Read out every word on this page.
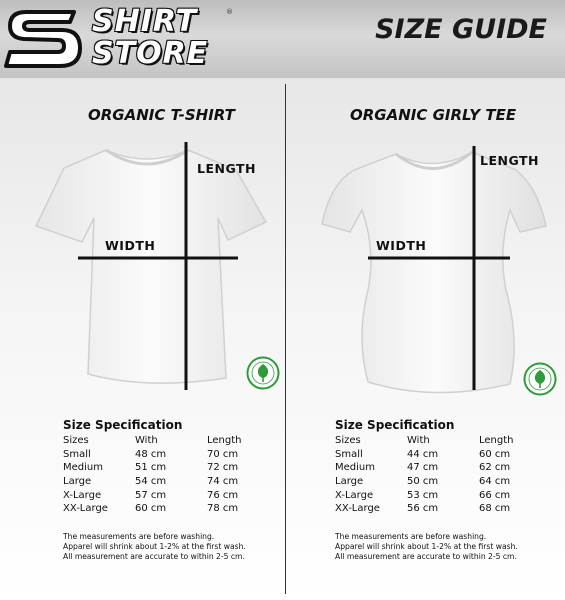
SHIRT
STORE
®
SIZE GUIDE
ORGANIC T-SHIRT
LENGTH
WIDTH
Size Specification
Sizes	With	Length
Small	48 cm	70 cm
Medium	51 cm	72 cm
Large	54 cm	74 cm
X-Large	57 cm	76 cm
XX-Large	60 cm	78 cm
The measurements are before washing.
Apparel will shrink about 1-2% at the first wash.
All measurement are accurate to within 2-5 cm.
ORGANIC GIRLY TEE
LENGTH
WIDTH
Size Specification
Sizes	With	Length
Small	44 cm	60 cm
Medium	47 cm	62 cm
Large	50 cm	64 cm
X-Large	53 cm	66 cm
XX-Large	56 cm	68 cm
The measurements are before washing.
Apparel will shrink about 1-2% at the first wash.
All measurement are accurate to within 2-5 cm.
